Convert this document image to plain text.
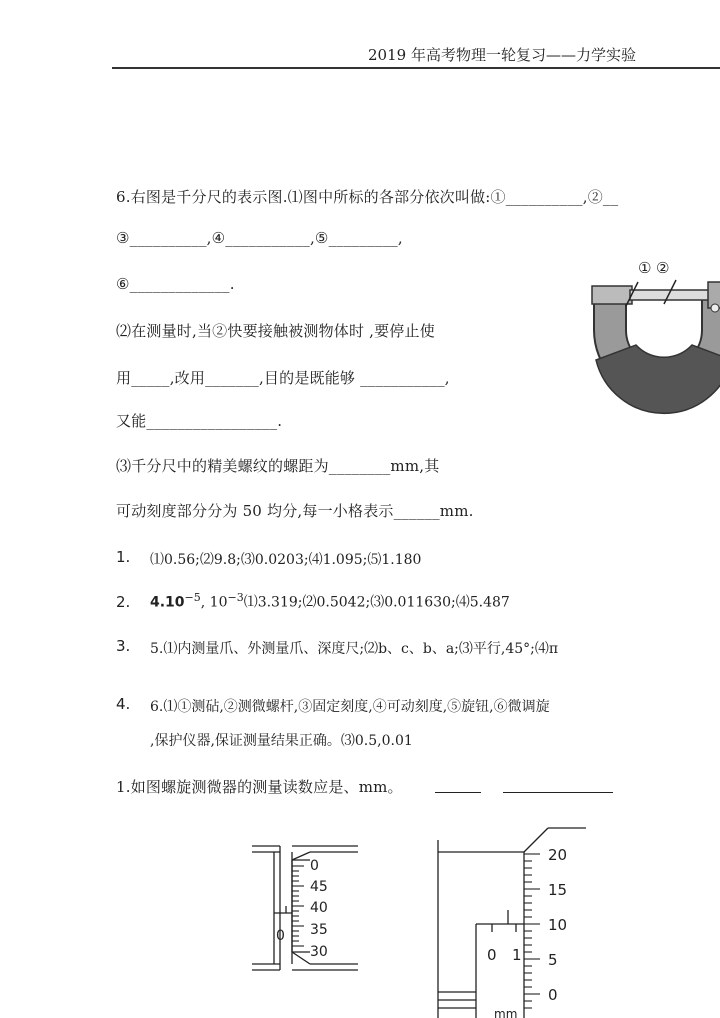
2019 年高考物理一轮复习——力学实验
6.右图是千分尺的表示图.⑴图中所标的各部分依次叫做:①__________,②__
③__________,④___________,⑤_________,
⑥_____________.
⑵在测量时,当②快要接触被测物体时 ,要停止使
用_____,改用_______,目的是既能够 ___________,
又能_________________.
⑶千分尺中的精美螺纹的螺距为________mm,其
可动刻度部分分为 50 均分,每一小格表示______mm.
① ②
1. ⑴0.56;⑵9.8;⑶0.0203;⑷1.095;⑸1.180
2. $4.10^{-5}$, $10^{-3}⑴3.319;⑵0.5042;⑶0.011630;⑷5.487$
3. 5.⑴内测量爪、外测量爪、深度尺;⑵b、c、b、a;⑶平行,45°;⑷π
4. 6.⑴①测砧,②测微螺杆,③固定刻度,④可动刻度,⑤旋钮,⑥微调旋
,保护仪器,保证测量结果正确。⑶0.5,0.01
1.如图螺旋测微器的测量读数应是、mm。
0
0
45
40
35
30	0 1
20
15
10
5
0
mm
